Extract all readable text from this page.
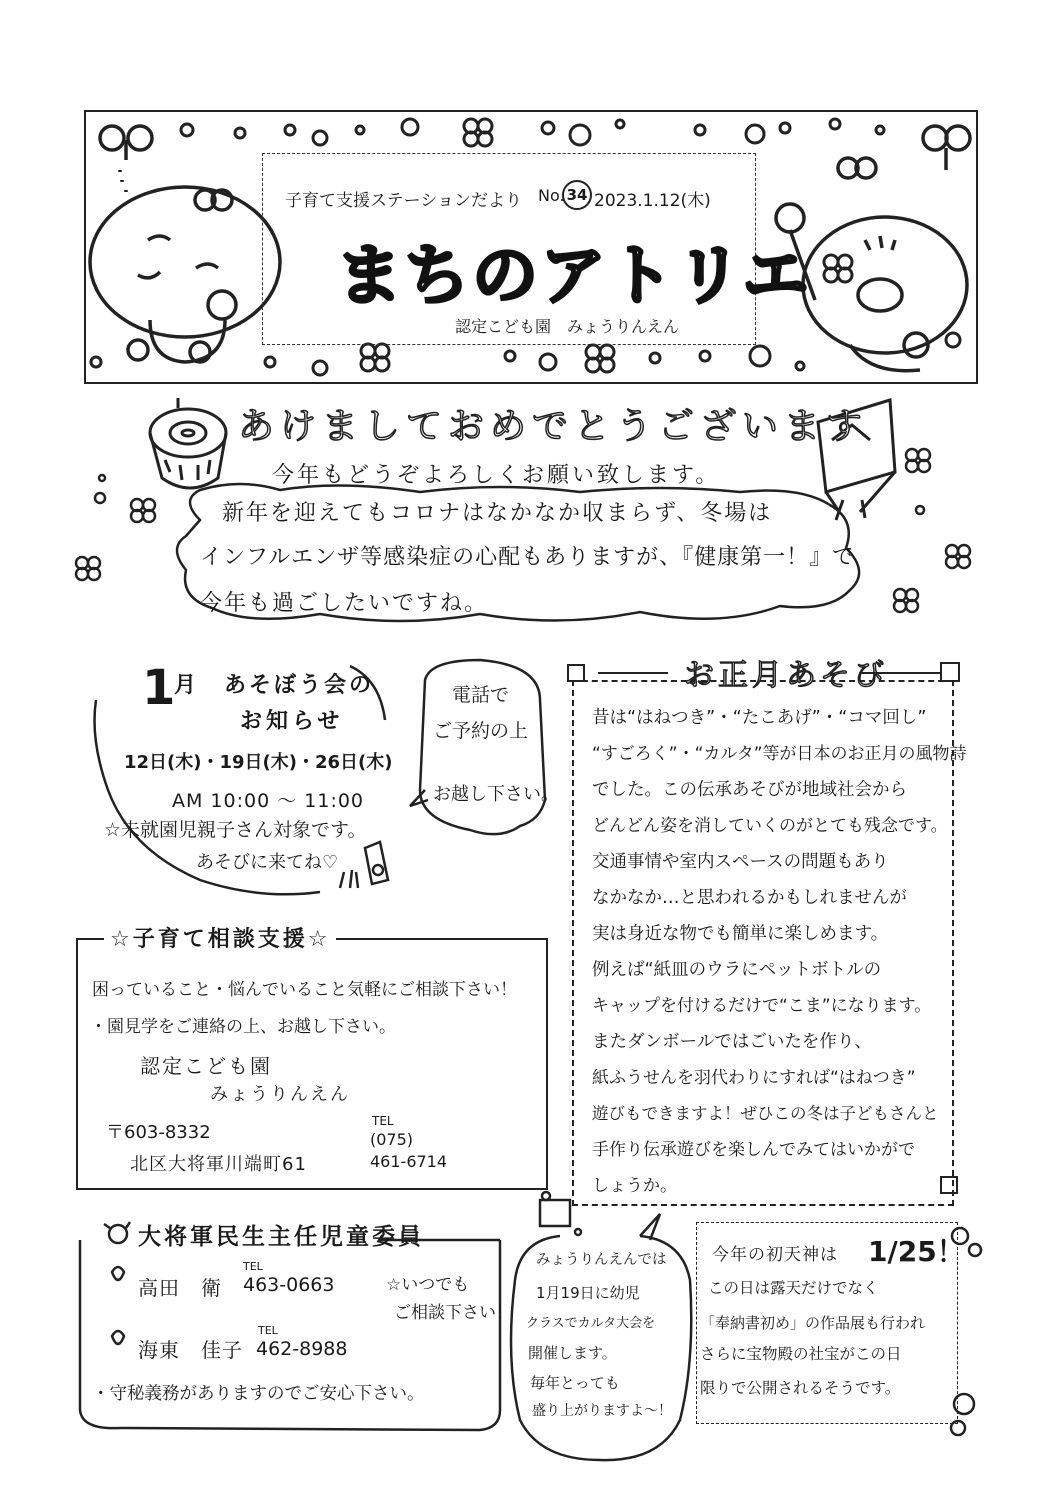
子育て支援ステーションだより No. 34 2023.1.12(木)
まちのアトリエ
認定こども園　みょうりんえん
あけましておめでとうございます
今年もどうぞよろしくお願い致します。
新年を迎えてもコロナはなかなか収まらず、冬場は
インフルエンザ等感染症の心配もありますが、『健康第一！』で
今年も過ごしたいですね。
1
月　あそぼう会の
お知らせ
12日(木)・19日(木)・26日(木)
AM 10:00 ～ 11:00
☆未就園児親子さん対象です。
あそびに来てね♡
電話で
ご予約の上
お越し下さい。
お正月あそび
昔は“はねつき”・“たこあげ”・“コマ回し”
“すごろく”・“カルタ”等が日本のお正月の風物詩
でした。この伝承あそびが地域社会から
どんどん姿を消していくのがとても残念です。
交通事情や室内スペースの問題もあり
なかなか…と思われるかもしれませんが
実は身近な物でも簡単に楽しめます。
例えば“紙皿のウラにペットボトルの
キャップを付けるだけで“こま”になります。
またダンボールではごいたを作り、
紙ふうせんを羽代わりにすれば“はねつき”
遊びもできますよ！ぜひこの冬は子どもさんと
手作り伝承遊びを楽しんでみてはいかがで
しょうか。
☆子育て相談支援☆
困っていること・悩んでいること気軽にご相談下さい！
・園見学をご連絡の上、お越し下さい。
認定こども園
みょうりんえん
〒603-8332
北区大将軍川端町61
TEL
(075)
461-6714
大将軍民生主任児童委員
高田　衛
TEL
463-0663
海東　佳子
TEL
462-8988
☆いつでも
ご相談下さい！
・守秘義務がありますのでご安心下さい。
みょうりんえんでは
1月19日に幼児
クラスでカルタ大会を
開催します。
毎年とっても
盛り上がりますよ～！
今年の初天神は 1/25！
この日は露天だけでなく
「奉納書初め」の作品展も行われ
さらに宝物殿の社宝がこの日
限りで公開されるそうです。
